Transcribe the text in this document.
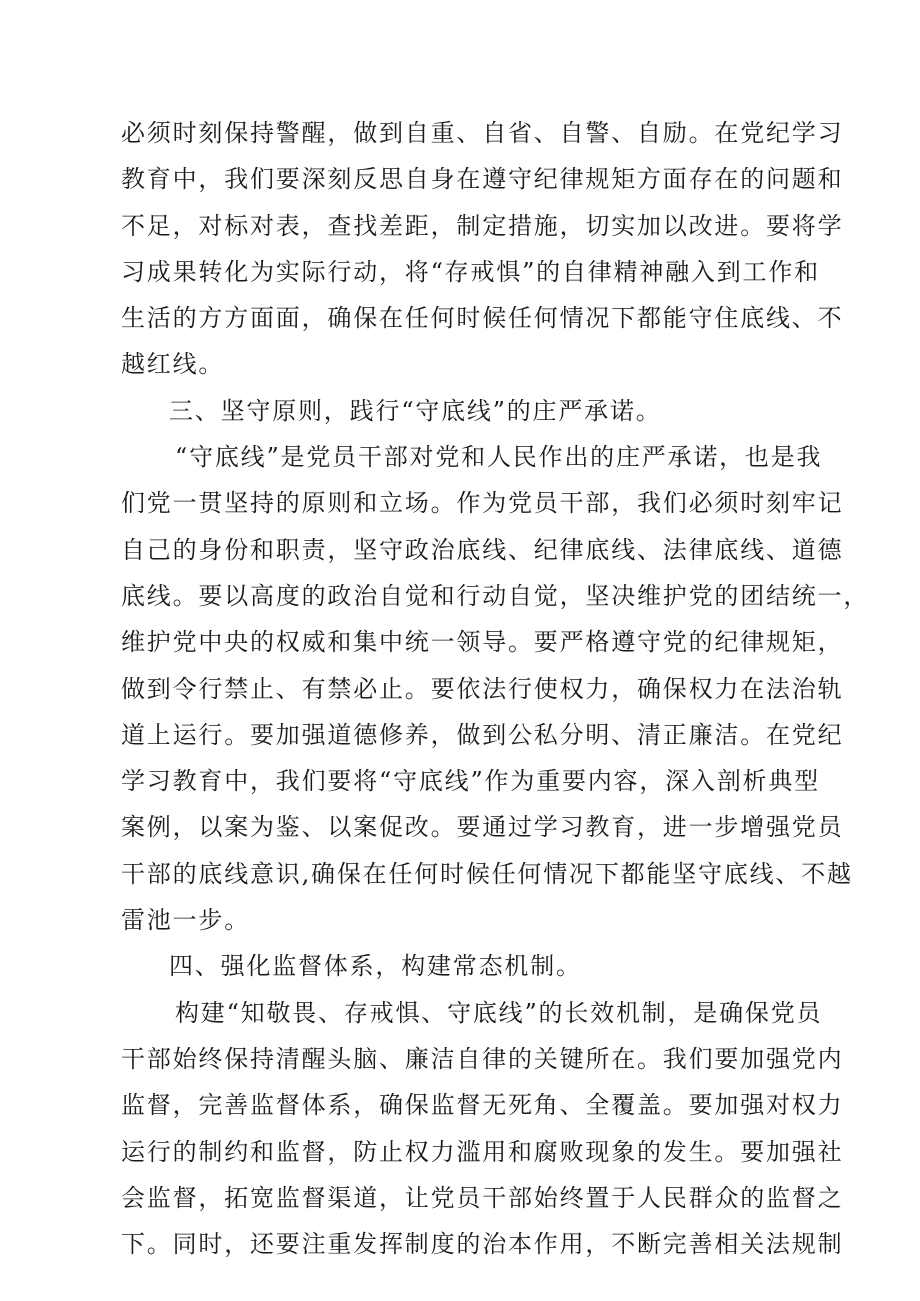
必须时刻保持警醒，做到自重、自省、自警、自励。在党纪学习
教育中，我们要深刻反思自身在遵守纪律规矩方面存在的问题和
不足，对标对表，查找差距，制定措施，切实加以改进。要将学
习成果转化为实际行动，将“存戒惧”的自律精神融入到工作和
生活的方方面面，确保在任何时候任何情况下都能守住底线、不
越红线。
三、坚守原则，践行“守底线”的庄严承诺。
“守底线”是党员干部对党和人民作出的庄严承诺，也是我
们党一贯坚持的原则和立场。作为党员干部，我们必须时刻牢记
自己的身份和职责，坚守政治底线、纪律底线、法律底线、道德
底线。要以高度的政治自觉和行动自觉，坚决维护党的团结统一，
维护党中央的权威和集中统一领导。要严格遵守党的纪律规矩，
做到令行禁止、有禁必止。要依法行使权力，确保权力在法治轨
道上运行。要加强道德修养，做到公私分明、清正廉洁。在党纪
学习教育中，我们要将“守底线”作为重要内容，深入剖析典型
案例，以案为鉴、以案促改。要通过学习教育，进一步增强党员
干部的底线意识,确保在任何时候任何情况下都能坚守底线、不越
雷池一步。
四、强化监督体系，构建常态机制。
构建“知敬畏、存戒惧、守底线”的长效机制，是确保党员
干部始终保持清醒头脑、廉洁自律的关键所在。我们要加强党内
监督，完善监督体系，确保监督无死角、全覆盖。要加强对权力
运行的制约和监督，防止权力滥用和腐败现象的发生。要加强社
会监督，拓宽监督渠道，让党员干部始终置于人民群众的监督之
下。同时，还要注重发挥制度的治本作用，不断完善相关法规制
